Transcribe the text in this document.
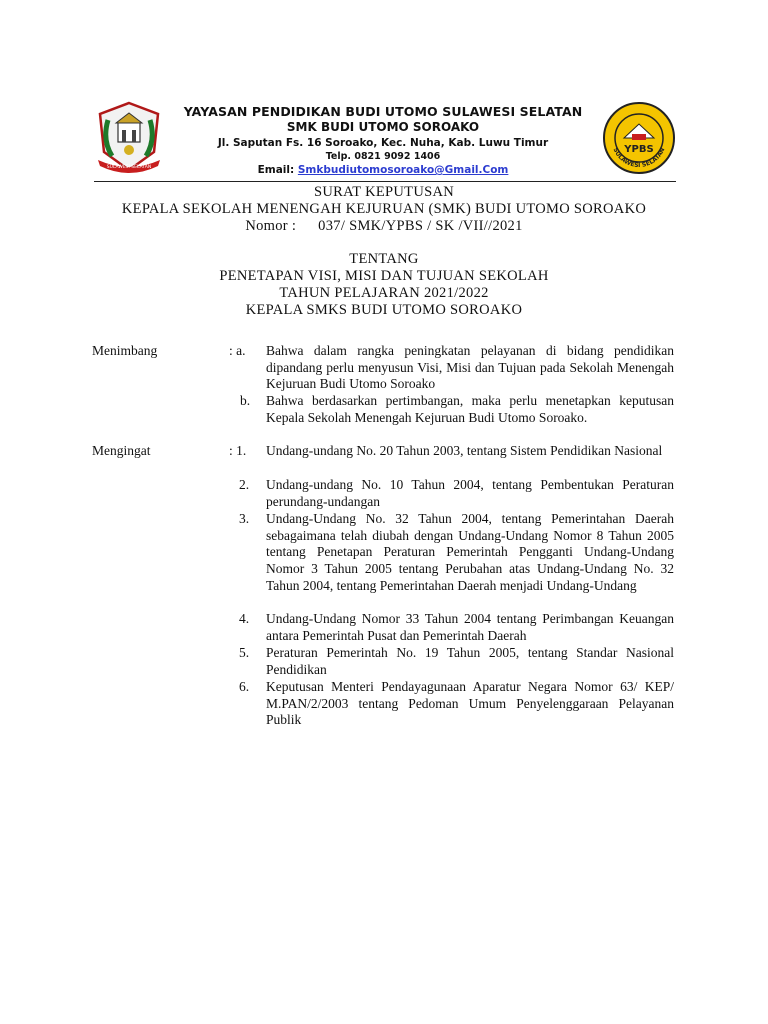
SULAWESI SELATAN
YAYASAN PENDIDIKAN BUDI UTOMO SULAWESI SELATAN
SMK BUDI UTOMO SOROAKO
Jl. Saputan Fs. 16 Soroako, Kec. Nuha, Kab. Luwu Timur
Telp. 0821 9092 1406
Email: Smkbudiutomosoroako@Gmail.Com
YPBS
SULAWESI SELATAN
SURAT KEPUTUSAN
KEPALA SEKOLAH MENENGAH KEJURUAN (SMK) BUDI UTOMO SOROAKO
Nomor : 037/ SMK/YPBS / SK /VII//2021
TENTANG
PENETAPAN VISI, MISI DAN TUJUAN SEKOLAH
TAHUN PELAJARAN 2021/2022
KEPALA SMKS BUDI UTOMO SOROAKO
Menimbang	: a. Bahwa dalam rangka peningkatan pelayanan di bidang pendidikan dipandang perlu menyusun Visi, Misi dan Tujuan pada Sekolah Menengah Kejuruan Budi Utomo Soroako
b. Bahwa berdasarkan pertimbangan, maka perlu menetapkan keputusan Kepala Sekolah Menengah Kejuruan Budi Utomo Soroako.
Mengingat	: 1. Undang-undang No. 20 Tahun 2003, tentang Sistem Pendidikan Nasional
2. Undang-undang No. 10 Tahun 2004, tentang Pembentukan Peraturan perundang-undangan
3. Undang-Undang No. 32 Tahun 2004, tentang Pemerintahan Daerah sebagaimana telah diubah dengan Undang-Undang Nomor 8 Tahun 2005 tentang Penetapan Peraturan Pemerintah Pengganti Undang-Undang Nomor 3 Tahun 2005 tentang Perubahan atas Undang-Undang No. 32 Tahun 2004, tentang Pemerintahan Daerah menjadi Undang-Undang
4. Undang-Undang Nomor 33 Tahun 2004 tentang Perimbangan Keuangan antara Pemerintah Pusat dan Pemerintah Daerah
5. Peraturan Pemerintah No. 19 Tahun 2005, tentang Standar Nasional Pendidikan
6. Keputusan Menteri Pendayagunaan Aparatur Negara Nomor 63/ KEP/ M.PAN/2/2003 tentang Pedoman Umum Penyelenggaraan Pelayanan Publik
